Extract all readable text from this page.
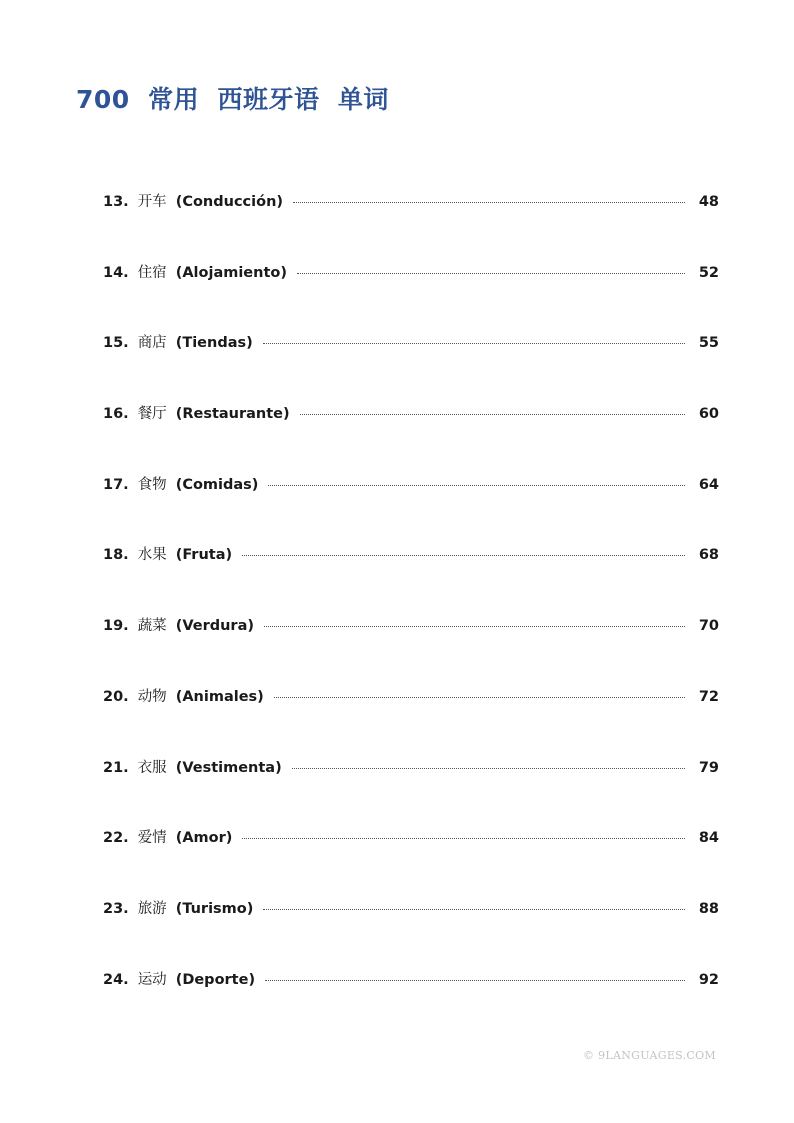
700  常用  西班牙语  单词
13. 开车 (Conducción)	48
14. 住宿 (Alojamiento)	52
15. 商店 (Tiendas)	55
16. 餐厅 (Restaurante)	60
17. 食物 (Comidas)	64
18. 水果 (Fruta)	68
19. 蔬菜 (Verdura)	70
20. 动物 (Animales)	72
21. 衣服 (Vestimenta)	79
22. 爱情 (Amor)	84
23. 旅游 (Turismo)	88
24. 运动 (Deporte)	92
© 9LANGUAGES.COM
